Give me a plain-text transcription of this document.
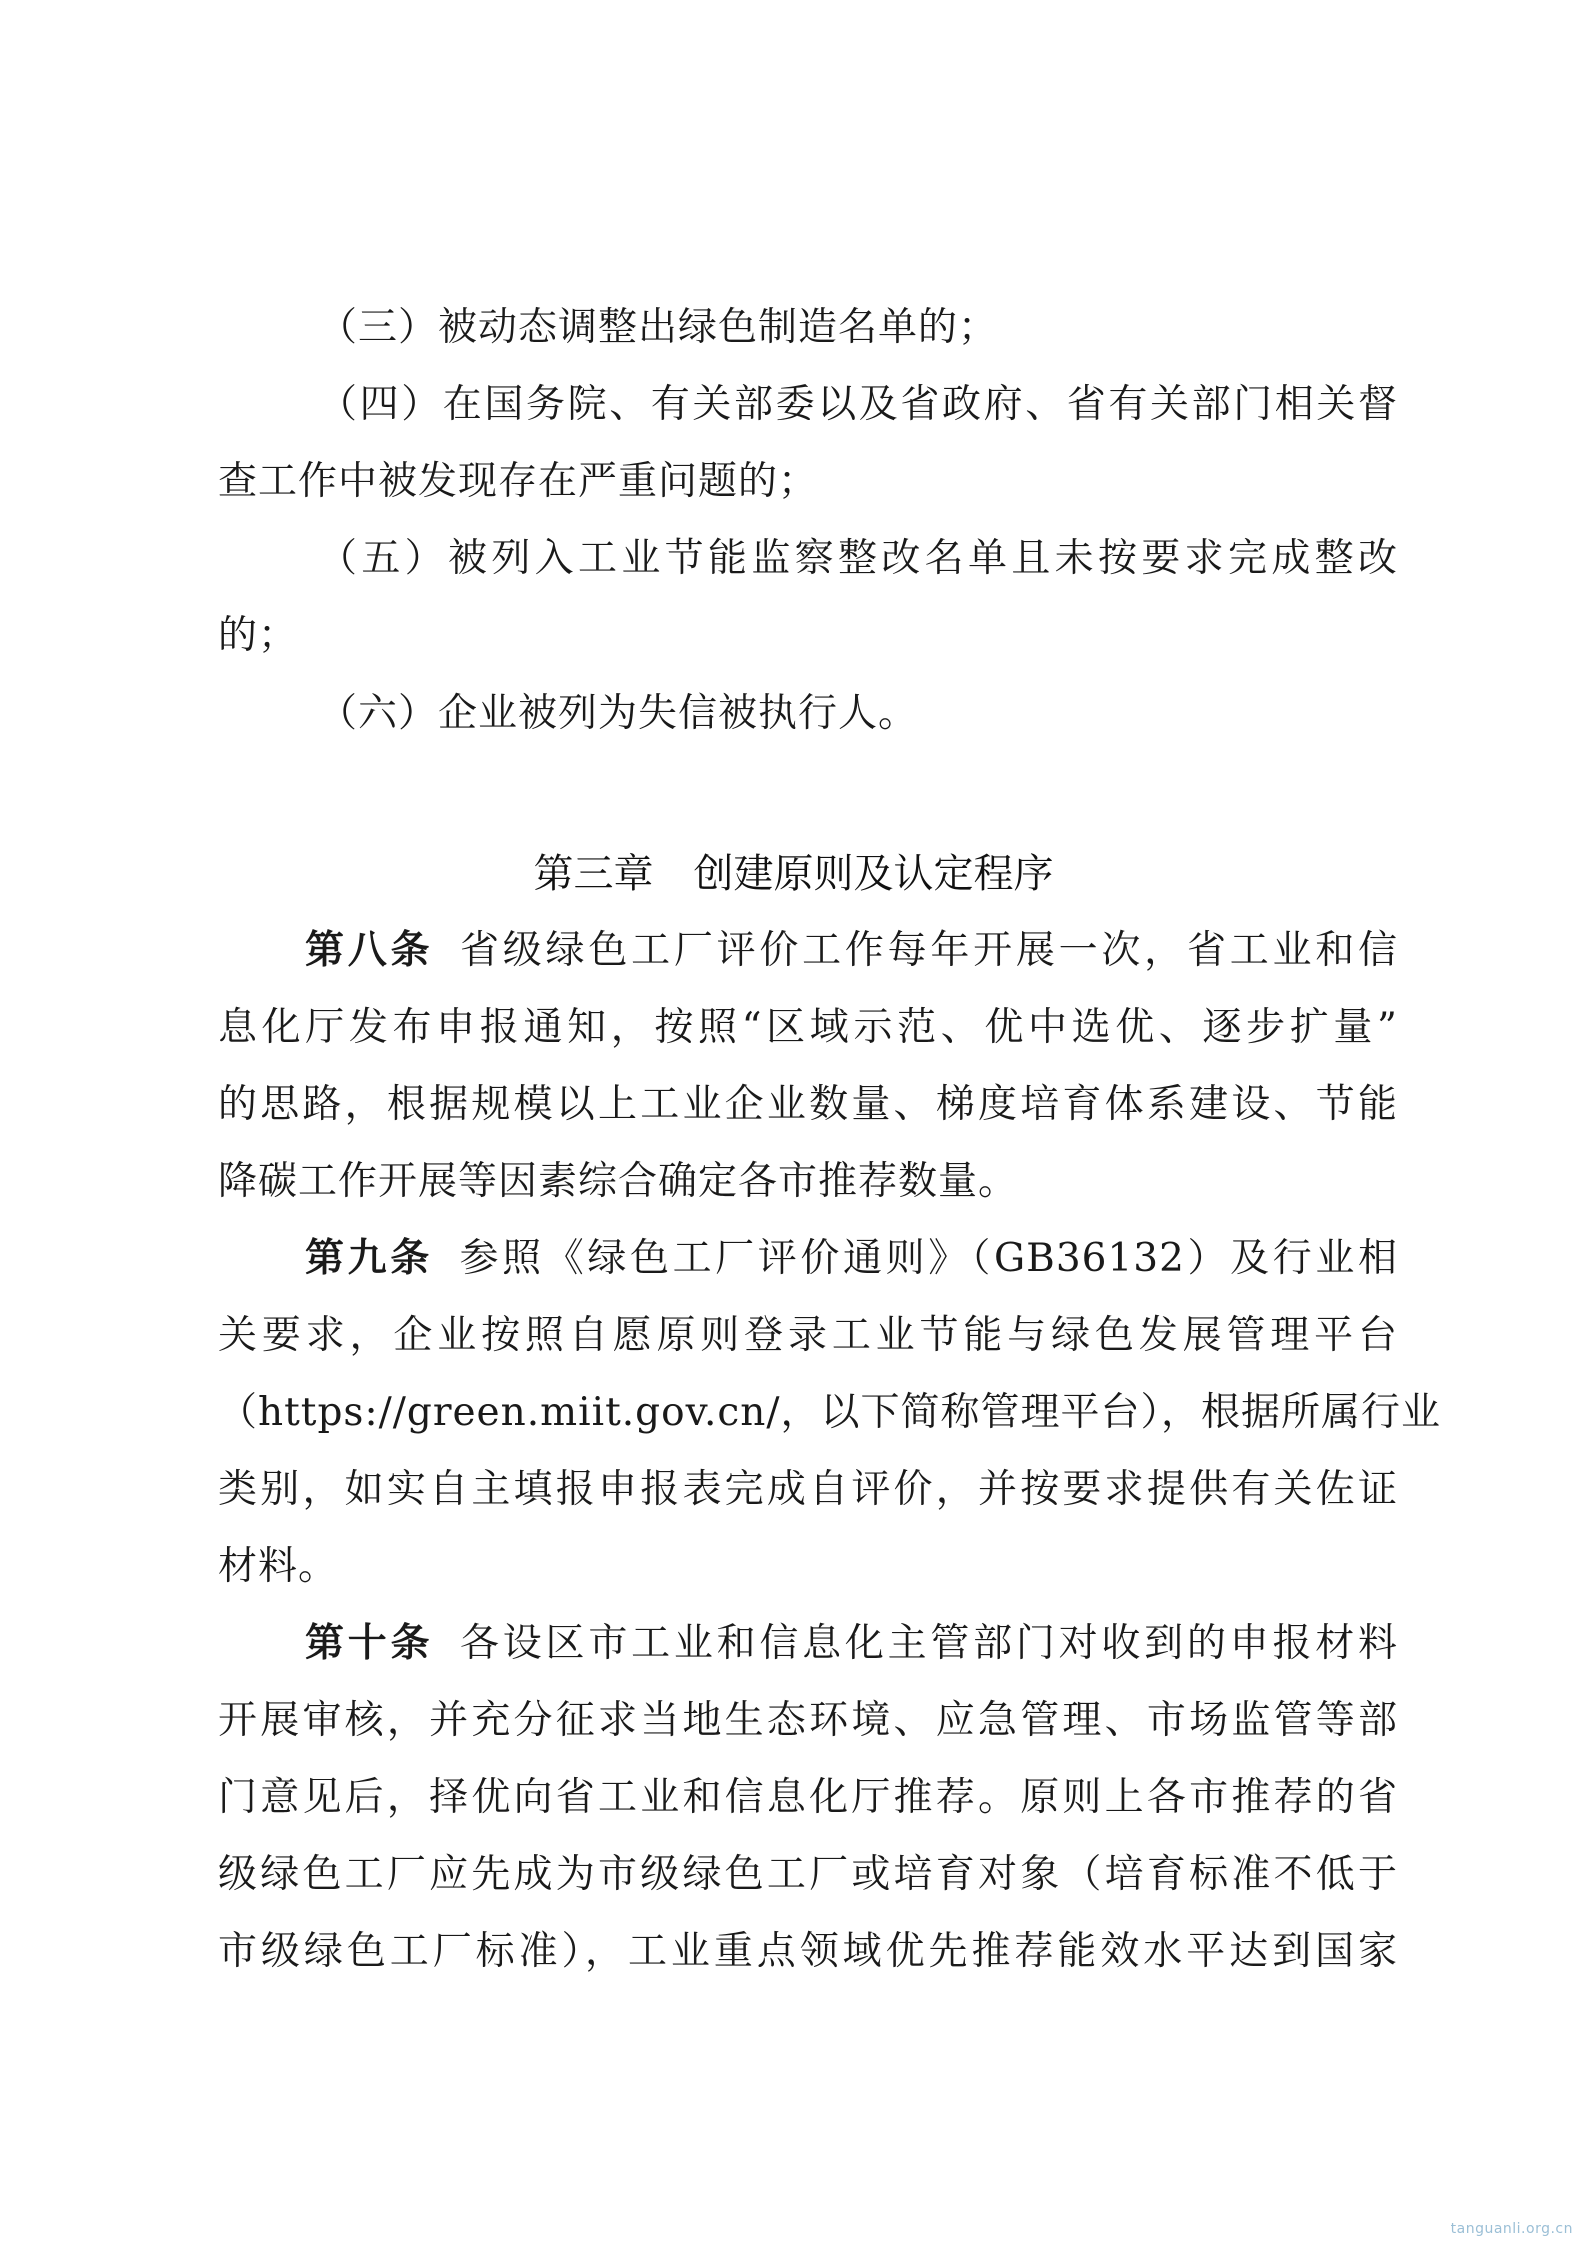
（三）被动态调整出绿色制造名单的；
（四）在国务院、有关部委以及省政府、省有关部门相关督
查工作中被发现存在严重问题的；
（五）被列入工业节能监察整改名单且未按要求完成整改
的；
（六）企业被列为失信被执行人。
第三章　创建原则及认定程序
第八条 省级绿色工厂评价工作每年开展一次，省工业和信
息化厅发布申报通知，按照“区域示范、优中选优、逐步扩量”
的思路，根据规模以上工业企业数量、梯度培育体系建设、节能
降碳工作开展等因素综合确定各市推荐数量。
第九条 参照《绿色工厂评价通则》（GB36132）及行业相
关要求，企业按照自愿原则登录工业节能与绿色发展管理平台
（https://green.miit.gov.cn/，以下简称管理平台），根据所属行业
类别，如实自主填报申报表完成自评价，并按要求提供有关佐证
材料。
第十条 各设区市工业和信息化主管部门对收到的申报材料
开展审核，并充分征求当地生态环境、应急管理、市场监管等部
门意见后，择优向省工业和信息化厅推荐。原则上各市推荐的省
级绿色工厂应先成为市级绿色工厂或培育对象（培育标准不低于
市级绿色工厂标准），工业重点领域优先推荐能效水平达到国家
tanguanli.org.cn
